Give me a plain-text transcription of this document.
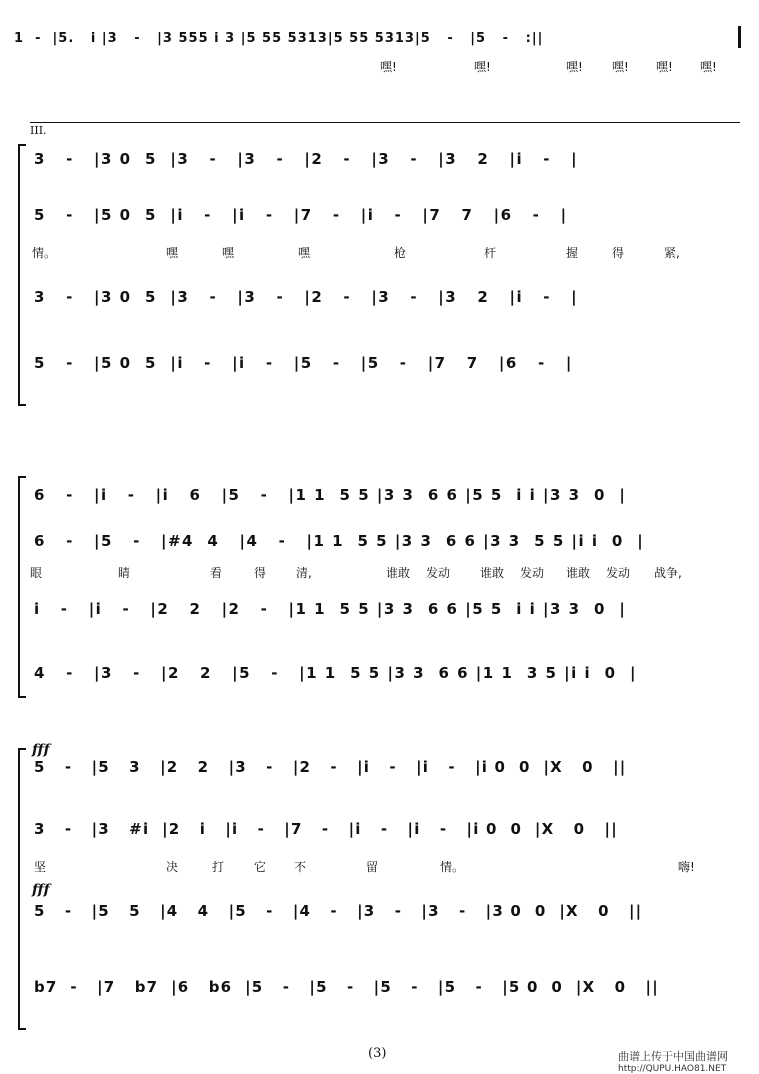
1  -  |5.   i |3   -   |3 555 i 3 |5 55 5313|5 55 5313|5   -   |5   -   :||
嘿!	嘿!	嘿! 嘿! 嘿! 嘿!
III.
3   -   |3 0  5  |3   -   |3   -   |2   -   |3   -   |3   2   |i   -   |
5   -   |5 0  5  |i   -   |i   -   |7   -   |i   -   |7   7   |6   -   |
情。	嘿	嘿	嘿	枪	杆	握	得	紧,
3   -   |3 0  5  |3   -   |3   -   |2   -   |3   -   |3   2   |i   -   |
5   -   |5 0  5  |i   -   |i   -   |5   -   |5   -   |7   7   |6   -   |
6   -   |i   -   |i   6   |5   -   |1 1  5 5 |3 3  6 6 |5 5  i i |3 3  0  |
6   -   |5   -   |#4  4   |4   -   |1 1  5 5 |3 3  6 6 |3 3  5 5 |i i  0  |
眼	睛	看	得 清,	谁敢 发动 谁敢 发动 谁敢 发动 战争,
i   -   |i   -   |2   2   |2   -   |1 1  5 5 |3 3  6 6 |5 5  i i |3 3  0  |
4   -   |3   -   |2   2   |5   -   |1 1  5 5 |3 3  6 6 |1 1  3 5 |i i  0  |
fff
5   -   |5   3   |2   2   |3   -   |2   -   |i   -   |i   -   |i 0  0  |X   0   ||
3   -   |3   #i  |2   i   |i   -   |7   -   |i   -   |i   -   |i 0  0  |X   0   ||
坚	决	打 它 不	留	情。	嗨!
fff
5   -   |5   5   |4   4   |5   -   |4   -   |3   -   |3   -   |3 0  0  |X   0   ||
b7  -   |7   b7  |6   b6  |5   -   |5   -   |5   -   |5   -   |5 0  0  |X   0   ||
(3)	曲谱上传于中国曲谱网
http://QUPU.HAO81.NET
